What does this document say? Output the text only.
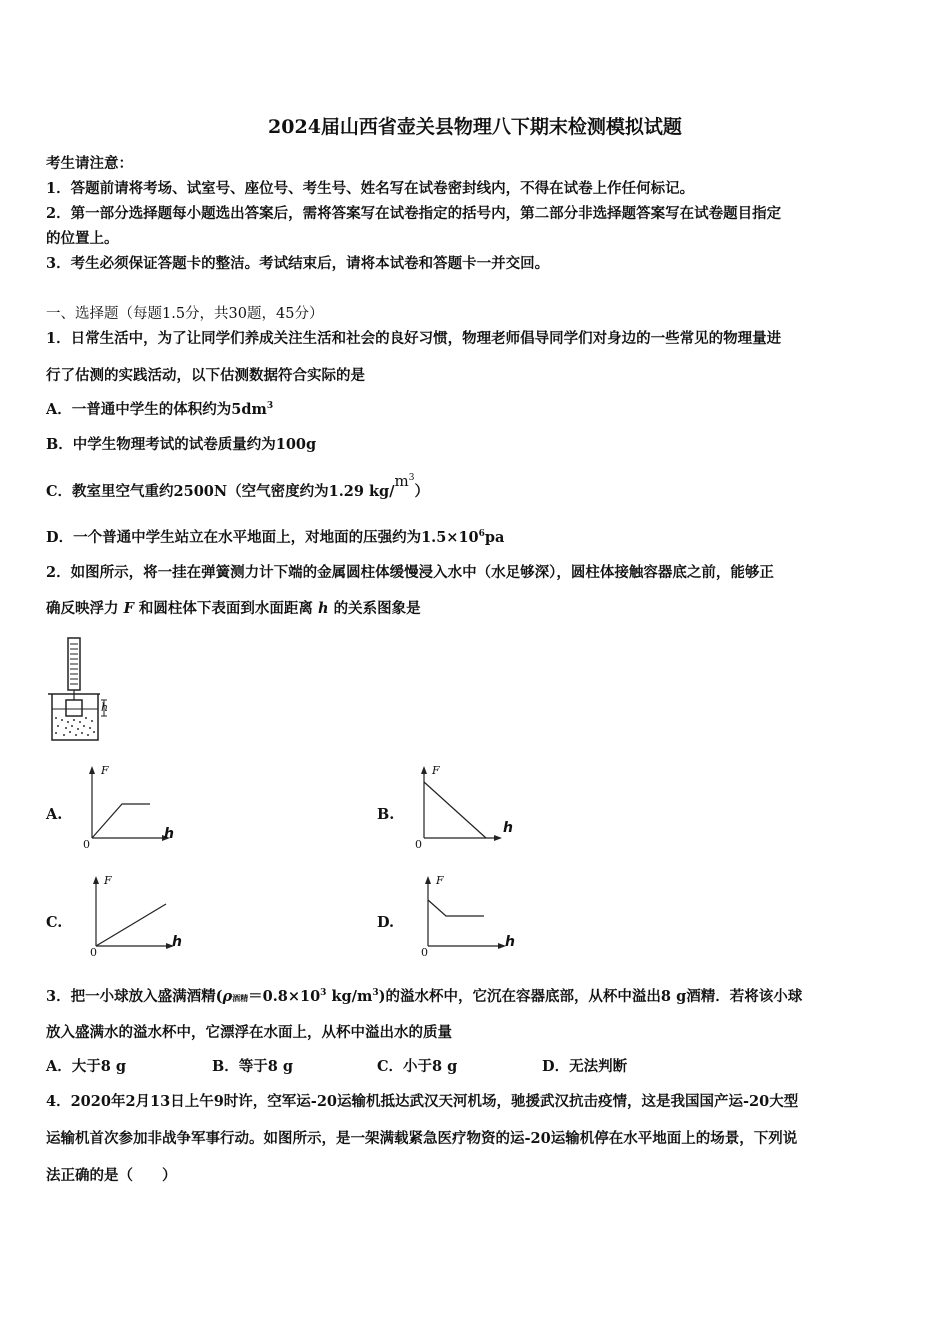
2024届山西省壶关县物理八下期末检测模拟试题
考生请注意：
1．答题前请将考场、试室号、座位号、考生号、姓名写在试卷密封线内，不得在试卷上作任何标记。
2．第一部分选择题每小题选出答案后，需将答案写在试卷指定的括号内，第二部分非选择题答案写在试卷题目指定
的位置上。
3．考生必须保证答题卡的整洁。考试结束后，请将本试卷和答题卡一并交回。
一、选择题（每题1.5分，共30题，45分）
1．日常生活中，为了让同学们养成关注生活和社会的良好习惯，物理老师倡导同学们对身边的一些常见的物理量进
行了估测的实践活动，以下估测数据符合实际的是
A．一普通中学生的体积约为$5dm^3$
B．中学生物理考试的试卷质量约为100g
C．教室里空气重约2500N（空气密度约为1.29 $kg/m^3$）
D．一个普通中学生站立在水平地面上，对地面的压强约为$1.5\times 10^6pa$
2．如图所示，将一挂在弹簧测力计下端的金属圆柱体缓慢浸入水中（水足够深），圆柱体接触容器底之前，能够正
确反映浮力 F 和圆柱体下表面到水面距离 h 的关系图象是
h
A.
F
h
0
B.
F
h
0
C.
F
h
0
D.
F
h
0
3．把一小球放入盛满酒精(ρ酒精$=0.8\times 10^3$ $kg/m^3$)的溢水杯中，它沉在容器底部，从杯中溢出8 g酒精．若将该小球
放入盛满水的溢水杯中，它漂浮在水面上，从杯中溢出水的质量
A．大于8 g	B．等于8 g	C．小于8 g	D．无法判断
4．2020年2月13日上午9时许，空军运-20运输机抵达武汉天河机场，驰援武汉抗击疫情，这是我国国产运-20大型
运输机首次参加非战争军事行动。如图所示，是一架满载紧急医疗物资的运-20运输机停在水平地面上的场景，下列说
法正确的是（　　）
